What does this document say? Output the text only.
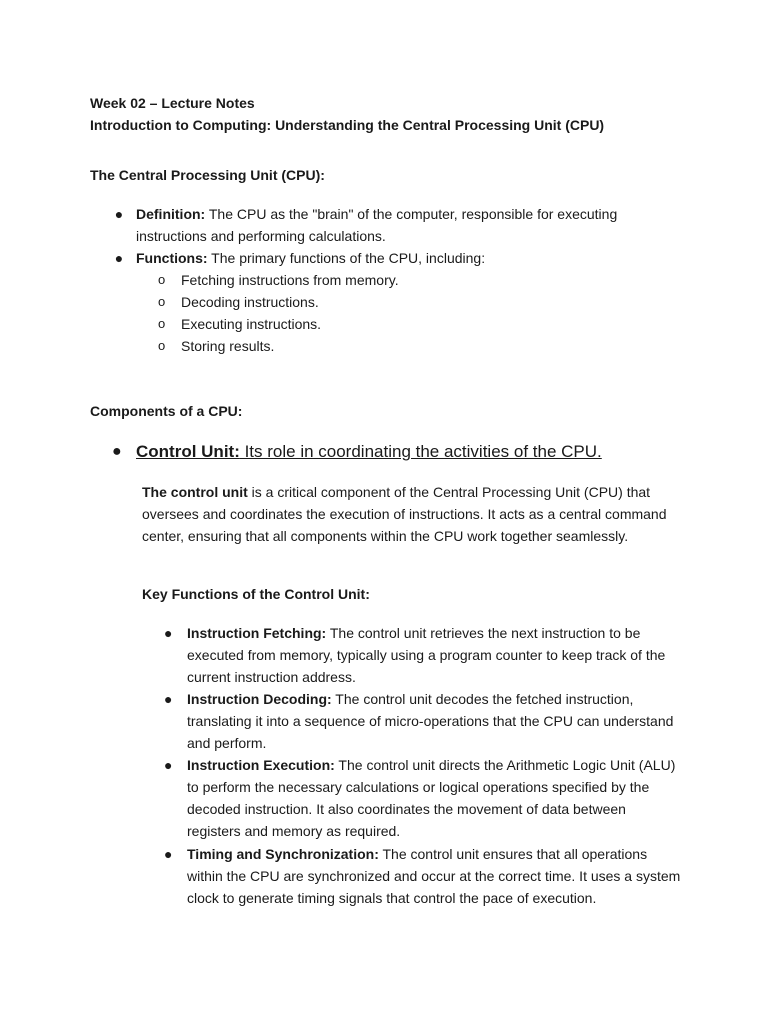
Week 02 – Lecture Notes
Introduction to Computing: Understanding the Central Processing Unit (CPU)
The Central Processing Unit (CPU):
● Definition: The CPU as the "brain" of the computer, responsible for executing instructions and performing calculations.
● Functions: The primary functions of the CPU, including:
o Fetching instructions from memory.
o Decoding instructions.
o Executing instructions.
o Storing results.
Components of a CPU:
● Control Unit: Its role in coordinating the activities of the CPU.
The control unit is a critical component of the Central Processing Unit (CPU) that oversees and coordinates the execution of instructions. It acts as a central command center, ensuring that all components within the CPU work together seamlessly.
Key Functions of the Control Unit:
● Instruction Fetching: The control unit retrieves the next instruction to be executed from memory, typically using a program counter to keep track of the current instruction address.
● Instruction Decoding: The control unit decodes the fetched instruction, translating it into a sequence of micro-operations that the CPU can understand and perform.
● Instruction Execution: The control unit directs the Arithmetic Logic Unit (ALU) to perform the necessary calculations or logical operations specified by the decoded instruction. It also coordinates the movement of data between registers and memory as required.
● Timing and Synchronization: The control unit ensures that all operations within the CPU are synchronized and occur at the correct time. It uses a system clock to generate timing signals that control the pace of execution.
